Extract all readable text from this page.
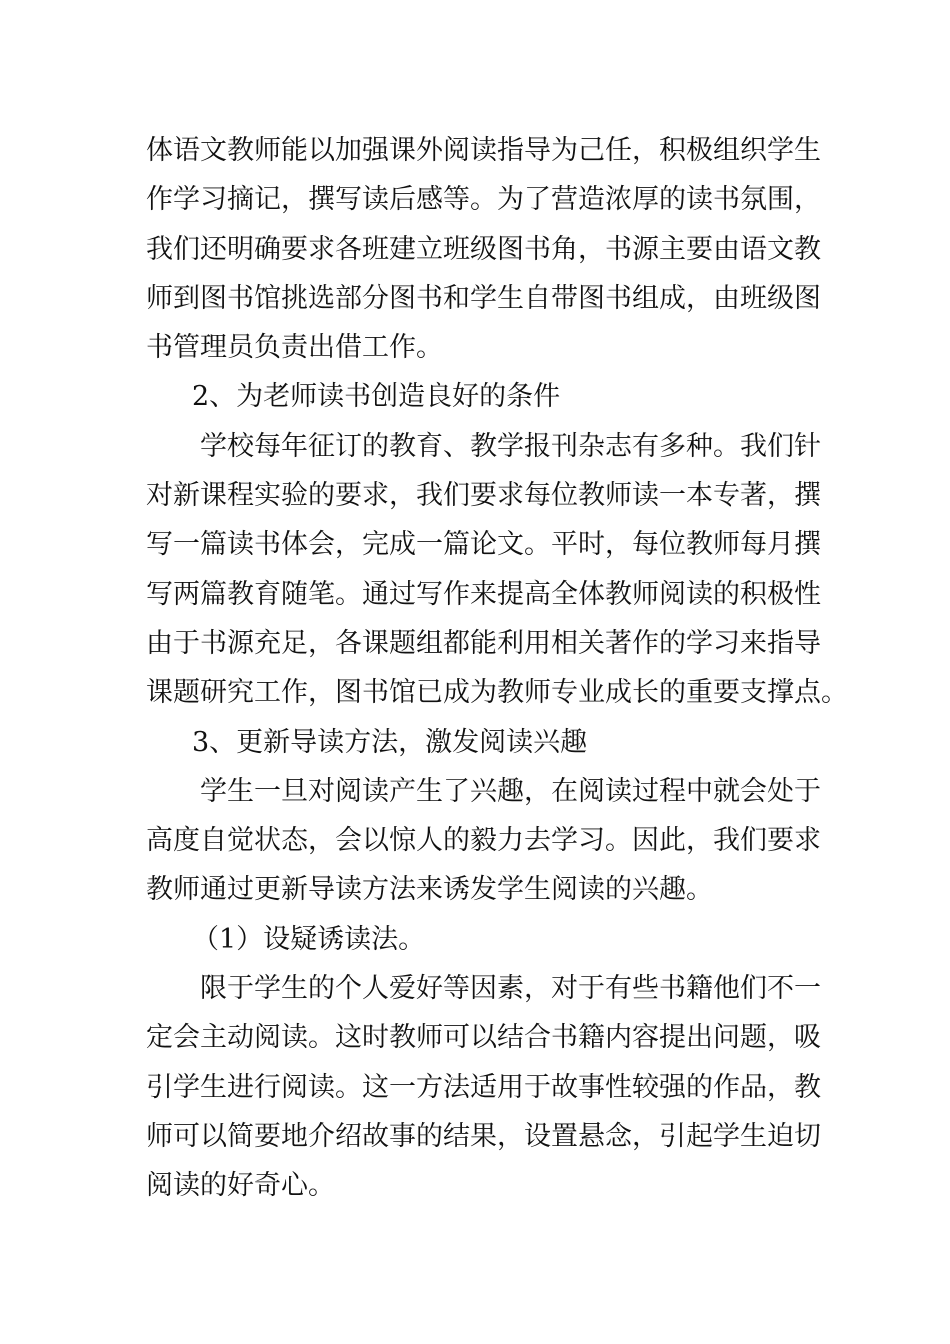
体语文教师能以加强课外阅读指导为己任，积极组织学生
作学习摘记，撰写读后感等。为了营造浓厚的读书氛围，
我们还明确要求各班建立班级图书角，书源主要由语文教
师到图书馆挑选部分图书和学生自带图书组成，由班级图
书管理员负责出借工作。
2、为老师读书创造良好的条件
学校每年征订的教育、教学报刊杂志有多种。我们针
对新课程实验的要求，我们要求每位教师读一本专著，撰
写一篇读书体会，完成一篇论文。平时，每位教师每月撰
写两篇教育随笔。通过写作来提高全体教师阅读的积极性
由于书源充足，各课题组都能利用相关著作的学习来指导
课题研究工作，图书馆已成为教师专业成长的重要支撑点。
3、更新导读方法，激发阅读兴趣
学生一旦对阅读产生了兴趣，在阅读过程中就会处于
高度自觉状态，会以惊人的毅力去学习。因此，我们要求
教师通过更新导读方法来诱发学生阅读的兴趣。
（1）设疑诱读法。
限于学生的个人爱好等因素，对于有些书籍他们不一
定会主动阅读。这时教师可以结合书籍内容提出问题，吸
引学生进行阅读。这一方法适用于故事性较强的作品，教
师可以简要地介绍故事的结果，设置悬念，引起学生迫切
阅读的好奇心。
